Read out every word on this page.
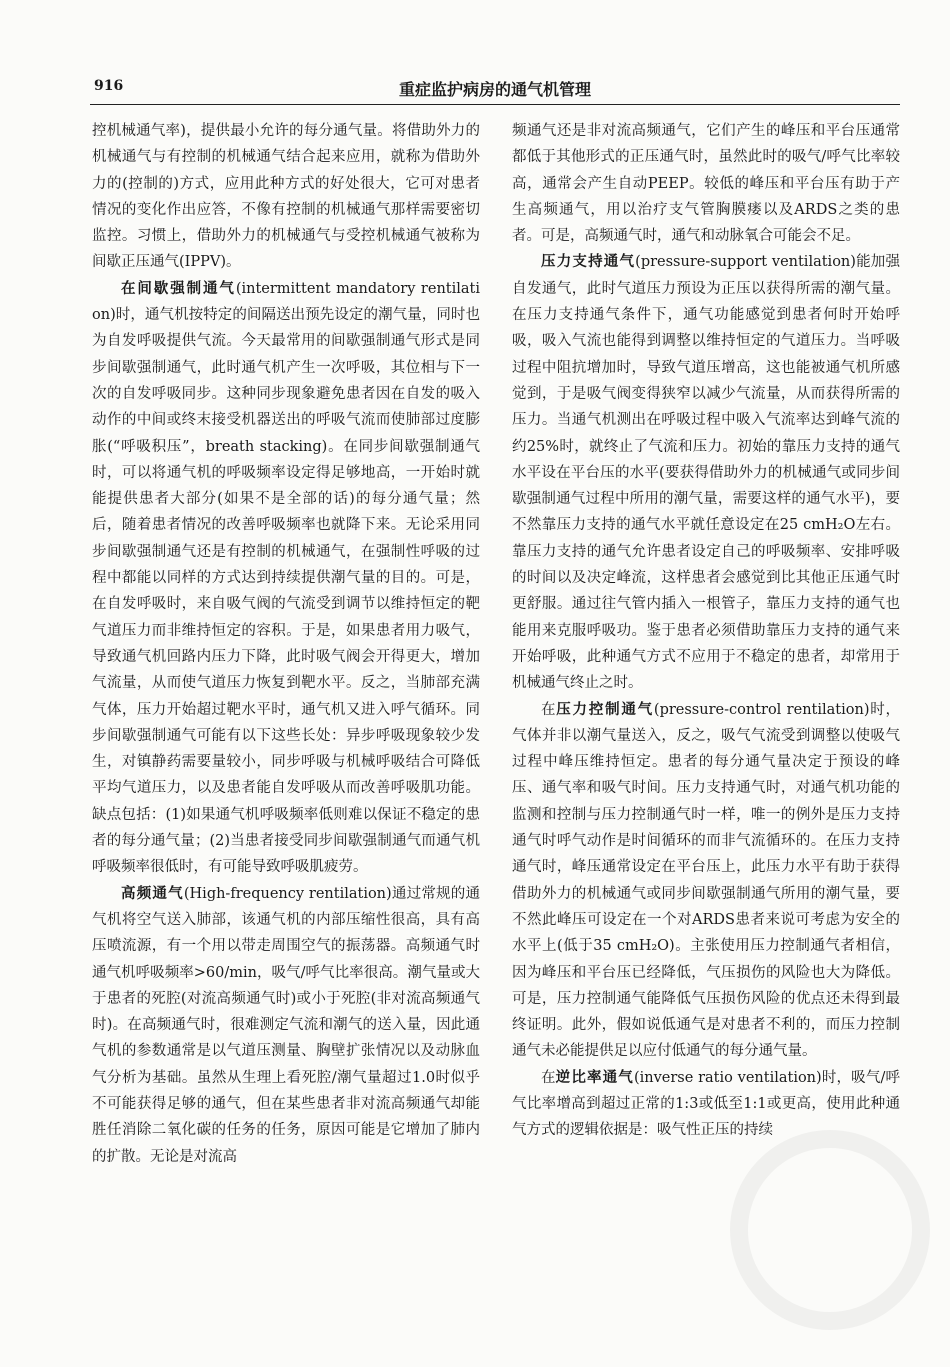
916	重症监护病房的通气机管理

控机械通气率)，提供最小允许的每分通气量。将借助外力的机械通气与有控制的机械通气结合起来应用，就称为借助外力的(控制的)方式，应用此种方式的好处很大，它可对患者情况的变化作出应答，不像有控制的机械通气那样需要密切监控。习惯上，借助外力的机械通气与受控机械通气被称为间歇正压通气(IPPV)。

在间歇强制通气(intermittent mandatory rentilation)时，通气机按特定的间隔送出预先设定的潮气量，同时也为自发呼吸提供气流。今天最常用的间歇强制通气形式是同步间歇强制通气，此时通气机产生一次呼吸，其位相与下一次的自发呼吸同步。这种同步现象避免患者因在自发的吸入动作的中间或终末接受机器送出的呼吸气流而使肺部过度膨胀(“呼吸积压”，breath stacking)。在同步间歇强制通气时，可以将通气机的呼吸频率设定得足够地高，一开始时就能提供患者大部分(如果不是全部的话)的每分通气量；然后，随着患者情况的改善呼吸频率也就降下来。无论采用同步间歇强制通气还是有控制的机械通气，在强制性呼吸的过程中都能以同样的方式达到持续提供潮气量的目的。可是，在自发呼吸时，来自吸气阀的气流受到调节以维持恒定的靶气道压力而非维持恒定的容积。于是，如果患者用力吸气，导致通气机回路内压力下降，此时吸气阀会开得更大，增加气流量，从而使气道压力恢复到靶水平。反之，当肺部充满气体，压力开始超过靶水平时，通气机又进入呼气循环。同步间歇强制通气可能有以下这些长处：异步呼吸现象较少发生，对镇静药需要量较小，同步呼吸与机械呼吸结合可降低平均气道压力，以及患者能自发呼吸从而改善呼吸肌功能。缺点包括：(1)如果通气机呼吸频率低则难以保证不稳定的患者的每分通气量；(2)当患者接受同步间歇强制通气而通气机呼吸频率很低时，有可能导致呼吸肌疲劳。

高频通气(High-frequency rentilation)通过常规的通气机将空气送入肺部，该通气机的内部压缩性很高，具有高压喷流源，有一个用以带走周围空气的振荡器。高频通气时通气机呼吸频率>60/min，吸气/呼气比率很高。潮气量或大于患者的死腔(对流高频通气时)或小于死腔(非对流高频通气时)。在高频通气时，很难测定气流和潮气的送入量，因此通气机的参数通常是以气道压测量、胸壁扩张情况以及动脉血气分析为基础。虽然从生理上看死腔/潮气量超过1.0时似乎不可能获得足够的通气，但在某些患者非对流高频通气却能胜任消除二氧化碳的任务的任务，原因可能是它增加了肺内的扩散。无论是对流高

频通气还是非对流高频通气，它们产生的峰压和平台压通常都低于其他形式的正压通气时，虽然此时的吸气/呼气比率较高，通常会产生自动PEEP。较低的峰压和平台压有助于产生高频通气，用以治疗支气管胸膜瘘以及ARDS之类的患者。可是，高频通气时，通气和动脉氧合可能会不足。

压力支持通气(pressure-support ventilation)能加强自发通气，此时气道压力预设为正压以获得所需的潮气量。在压力支持通气条件下，通气功能感觉到患者何时开始呼吸，吸入气流也能得到调整以维持恒定的气道压力。当呼吸过程中阻抗增加时，导致气道压增高，这也能被通气机所感觉到，于是吸气阀变得狭窄以减少气流量，从而获得所需的压力。当通气机测出在呼吸过程中吸入气流率达到峰气流的约25%时，就终止了气流和压力。初始的靠压力支持的通气水平设在平台压的水平(要获得借助外力的机械通气或同步间歇强制通气过程中所用的潮气量，需要这样的通气水平)，要不然靠压力支持的通气水平就任意设定在25 cmH₂O左右。靠压力支持的通气允许患者设定自己的呼吸频率、安排呼吸的时间以及决定峰流，这样患者会感觉到比其他正压通气时更舒服。通过往气管内插入一根管子，靠压力支持的通气也能用来克服呼吸功。鉴于患者必须借助靠压力支持的通气来开始呼吸，此种通气方式不应用于不稳定的患者，却常用于机械通气终止之时。

在压力控制通气(pressure-control rentilation)时，气体并非以潮气量送入，反之，吸气气流受到调整以使吸气过程中峰压维持恒定。患者的每分通气量决定于预设的峰压、通气率和吸气时间。压力支持通气时，对通气机功能的监测和控制与压力控制通气时一样，唯一的例外是压力支持通气时呼气动作是时间循环的而非气流循环的。在压力支持通气时，峰压通常设定在平台压上，此压力水平有助于获得借助外力的机械通气或同步间歇强制通气所用的潮气量，要不然此峰压可设定在一个对ARDS患者来说可考虑为安全的水平上(低于35 cmH₂O)。主张使用压力控制通气者相信，因为峰压和平台压已经降低，气压损伤的风险也大为降低。可是，压力控制通气能降低气压损伤风险的优点还未得到最终证明。此外，假如说低通气是对患者不利的，而压力控制通气未必能提供足以应付低通气的每分通气量。

在逆比率通气(inverse ratio ventilation)时，吸气/呼气比率增高到超过正常的1:3或低至1:1或更高，使用此种通气方式的逻辑依据是：吸气性正压的持续
